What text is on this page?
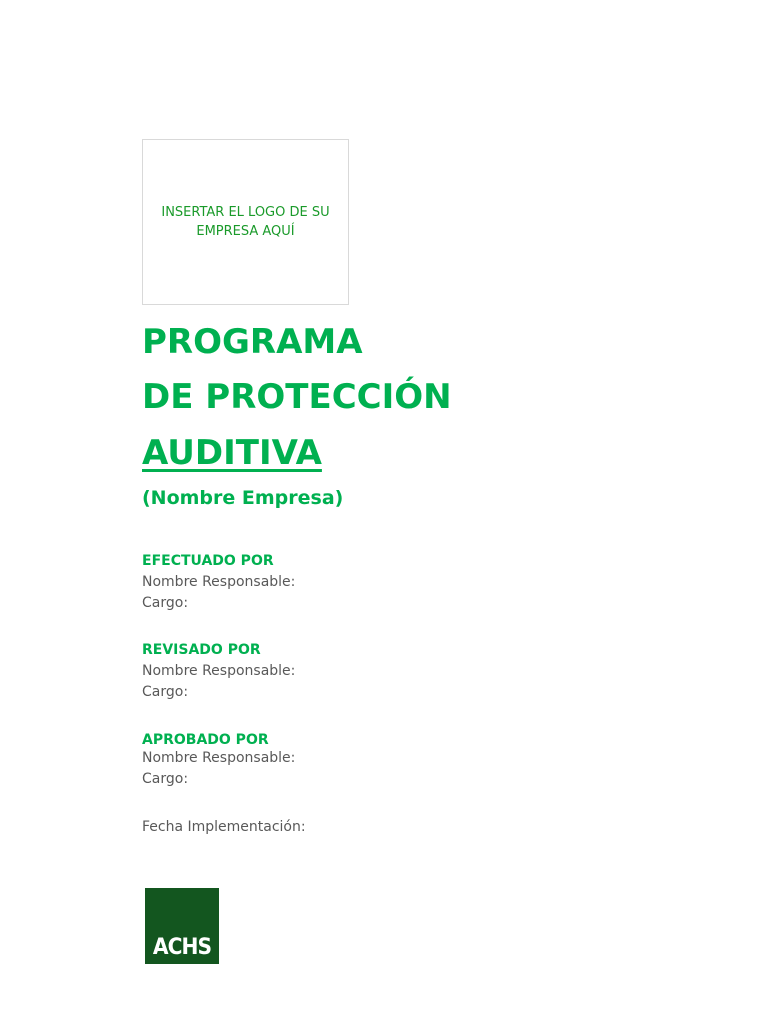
INSERTAR EL LOGO DE SU EMPRESA AQUÍ
PROGRAMA
DE PROTECCIÓN
AUDITIVA
(Nombre Empresa)
EFECTUADO POR
Nombre Responsable:
Cargo:
REVISADO POR
Nombre Responsable:
Cargo:
APROBADO POR
Nombre Responsable:
Cargo:
Fecha Implementación:
ACHS
